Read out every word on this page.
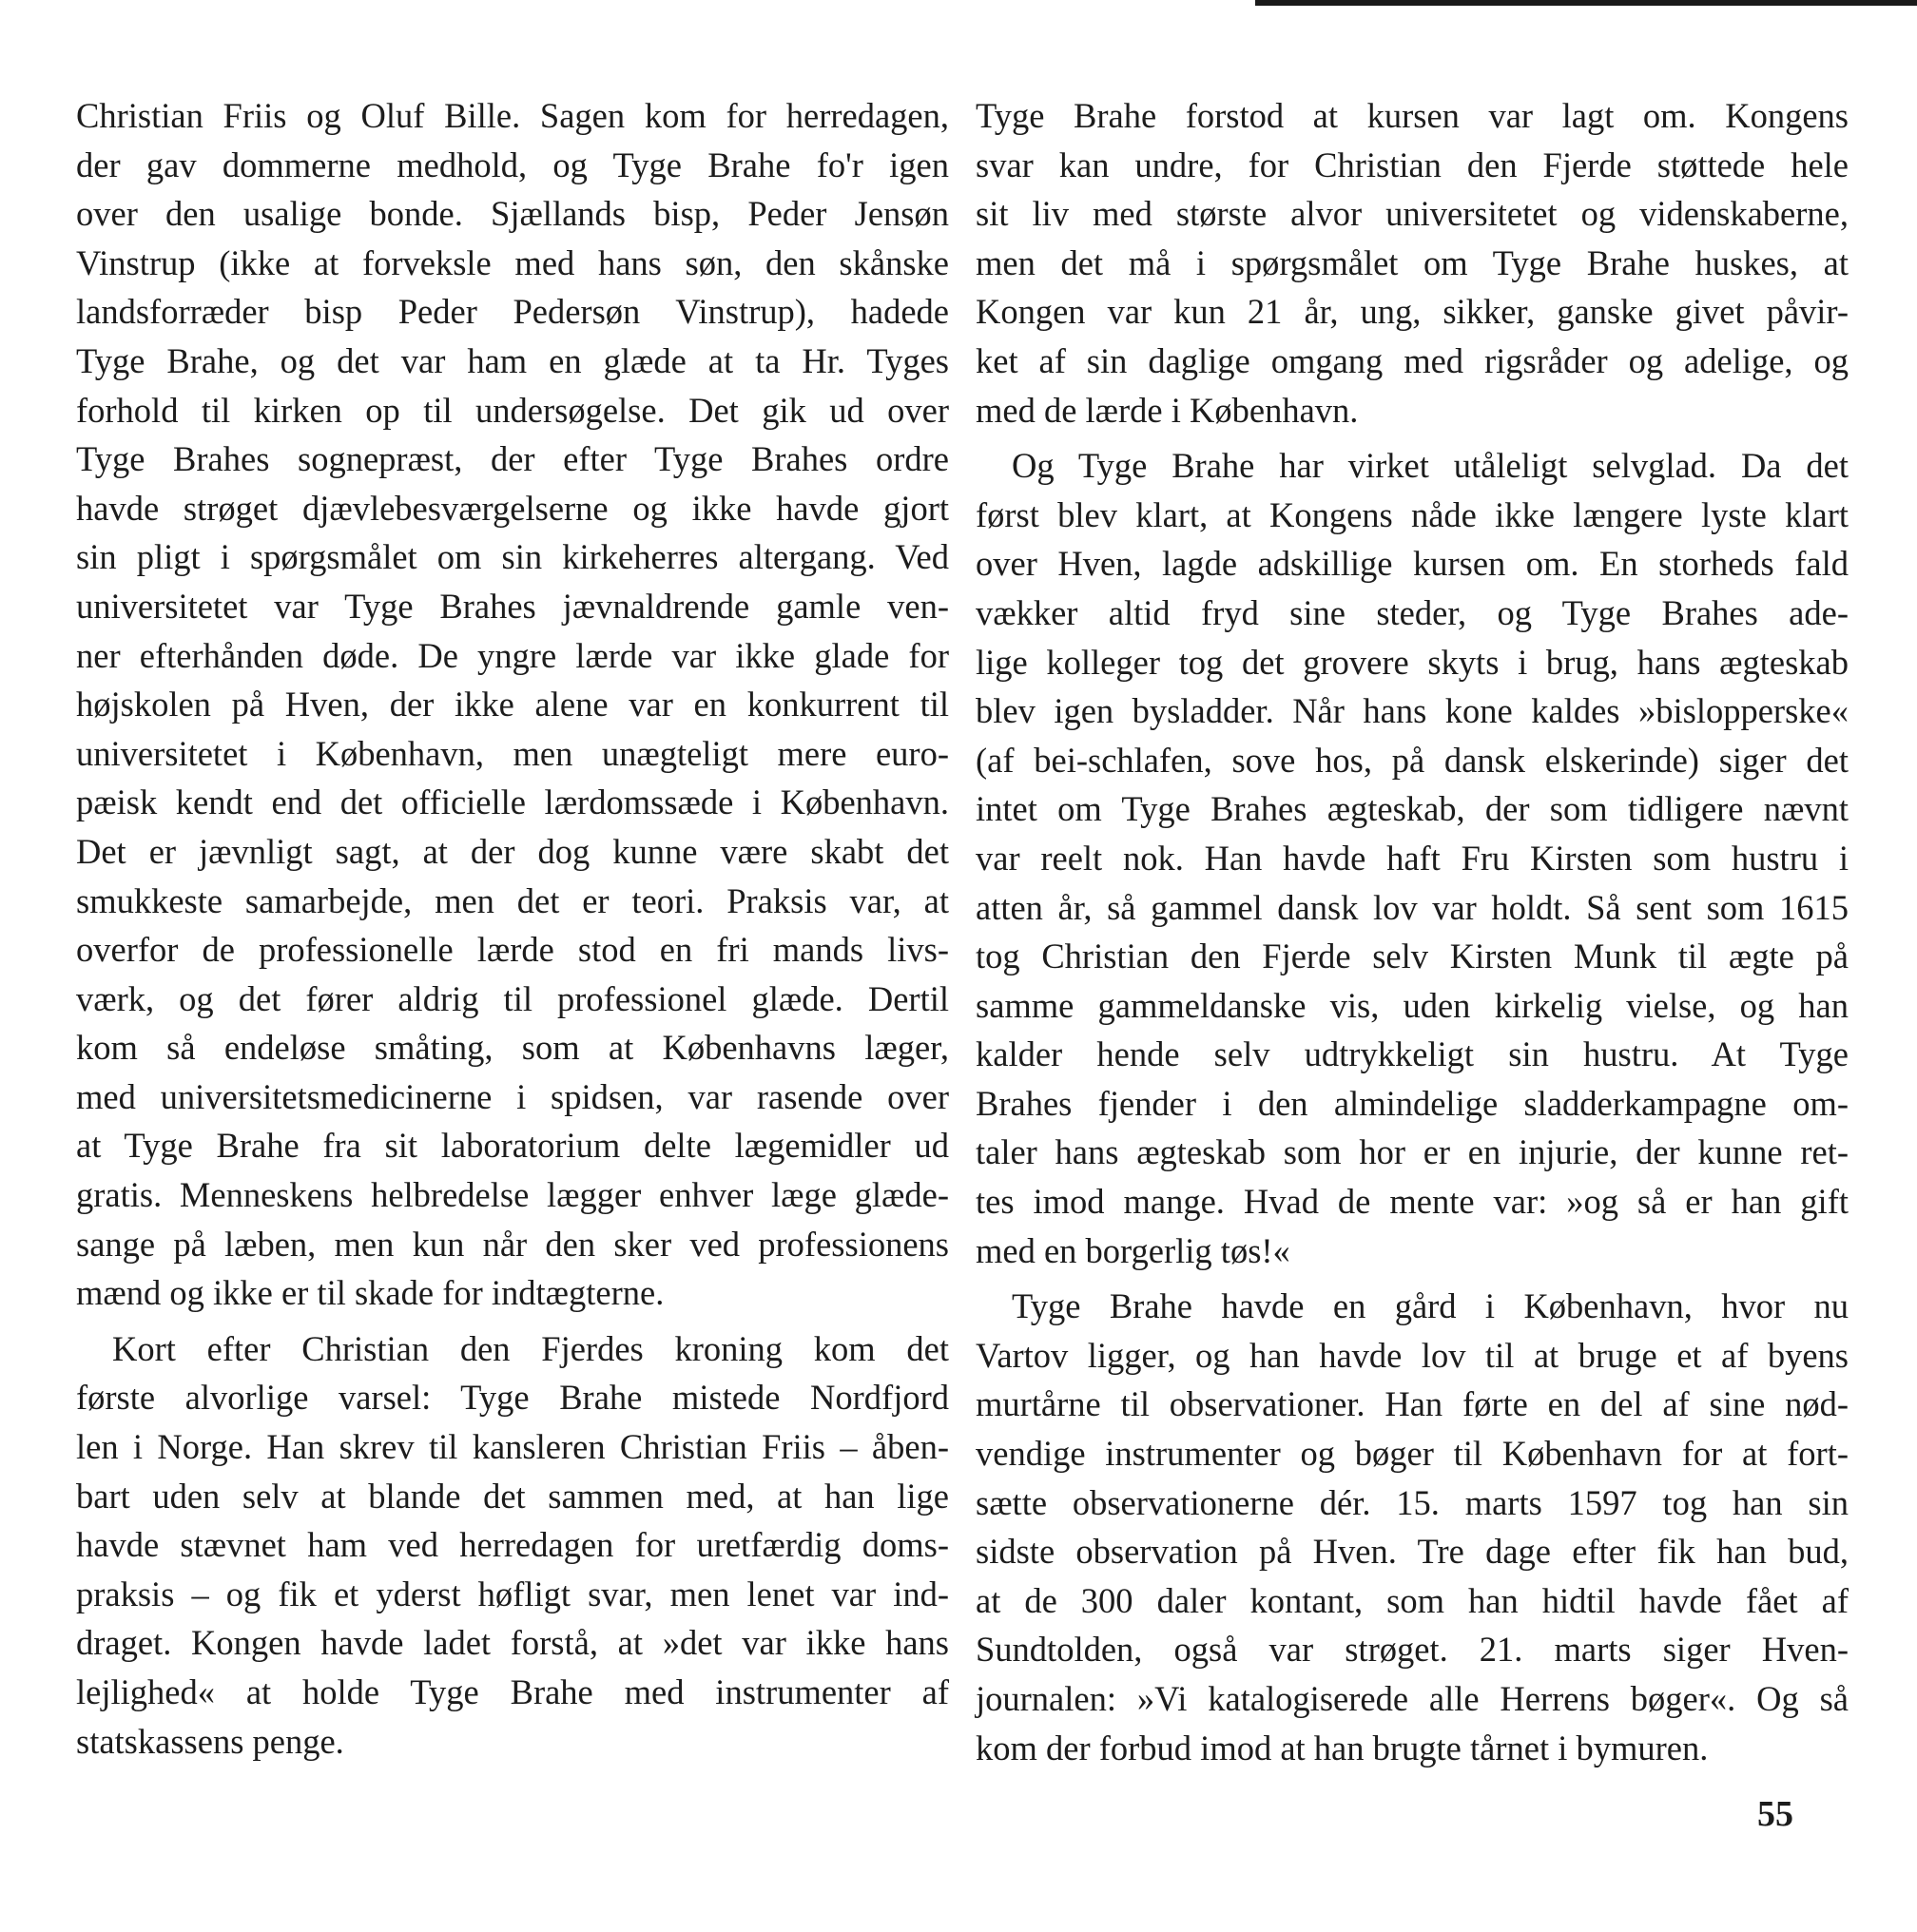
Christian Friis og Oluf Bille. Sagen kom for herredagen,
der gav dommerne medhold, og Tyge Brahe fo'r igen
over den usalige bonde. Sjællands bisp, Peder Jensøn
Vinstrup (ikke at forveksle med hans søn, den skånske
landsforræder bisp Peder Pedersøn Vinstrup), hadede
Tyge Brahe, og det var ham en glæde at ta Hr. Tyges
forhold til kirken op til undersøgelse. Det gik ud over
Tyge Brahes sognepræst, der efter Tyge Brahes ordre
havde strøget djævlebesværgelserne og ikke havde gjort
sin pligt i spørgsmålet om sin kirkeherres altergang. Ved
universitetet var Tyge Brahes jævnaldrende gamle ven-
ner efterhånden døde. De yngre lærde var ikke glade for
højskolen på Hven, der ikke alene var en konkurrent til
universitetet i København, men unægteligt mere euro-
pæisk kendt end det officielle lærdomssæde i København.
Det er jævnligt sagt, at der dog kunne være skabt det
smukkeste samarbejde, men det er teori. Praksis var, at
overfor de professionelle lærde stod en fri mands livs-
værk, og det fører aldrig til professionel glæde. Dertil
kom så endeløse småting, som at Københavns læger,
med universitetsmedicinerne i spidsen, var rasende over
at Tyge Brahe fra sit laboratorium delte lægemidler ud
gratis. Menneskens helbredelse lægger enhver læge glæde-
sange på læben, men kun når den sker ved professionens
mænd og ikke er til skade for indtægterne.
Kort efter Christian den Fjerdes kroning kom det
første alvorlige varsel: Tyge Brahe mistede Nordfjord
len i Norge. Han skrev til kansleren Christian Friis – åben-
bart uden selv at blande det sammen med, at han lige
havde stævnet ham ved herredagen for uretfærdig doms-
praksis – og fik et yderst høfligt svar, men lenet var ind-
draget. Kongen havde ladet forstå, at »det var ikke hans
lejlighed« at holde Tyge Brahe med instrumenter af
statskassens penge.
Tyge Brahe forstod at kursen var lagt om. Kongens
svar kan undre, for Christian den Fjerde støttede hele
sit liv med største alvor universitetet og videnskaberne,
men det må i spørgsmålet om Tyge Brahe huskes, at
Kongen var kun 21 år, ung, sikker, ganske givet påvir-
ket af sin daglige omgang med rigsråder og adelige, og
med de lærde i København.
Og Tyge Brahe har virket utåleligt selvglad. Da det
først blev klart, at Kongens nåde ikke længere lyste klart
over Hven, lagde adskillige kursen om. En storheds fald
vækker altid fryd sine steder, og Tyge Brahes ade-
lige kolleger tog det grovere skyts i brug, hans ægteskab
blev igen bysladder. Når hans kone kaldes »bislopperske«
(af bei-schlafen, sove hos, på dansk elskerinde) siger det
intet om Tyge Brahes ægteskab, der som tidligere nævnt
var reelt nok. Han havde haft Fru Kirsten som hustru i
atten år, så gammel dansk lov var holdt. Så sent som 1615
tog Christian den Fjerde selv Kirsten Munk til ægte på
samme gammeldanske vis, uden kirkelig vielse, og han
kalder hende selv udtrykkeligt sin hustru. At Tyge
Brahes fjender i den almindelige sladderkampagne om-
taler hans ægteskab som hor er en injurie, der kunne ret-
tes imod mange. Hvad de mente var: »og så er han gift
med en borgerlig tøs!«
Tyge Brahe havde en gård i København, hvor nu
Vartov ligger, og han havde lov til at bruge et af byens
murtårne til observationer. Han førte en del af sine nød-
vendige instrumenter og bøger til København for at fort-
sætte observationerne dér. 15. marts 1597 tog han sin
sidste observation på Hven. Tre dage efter fik han bud,
at de 300 daler kontant, som han hidtil havde fået af
Sundtolden, også var strøget. 21. marts siger Hven-
journalen: »Vi katalogiserede alle Herrens bøger«. Og så
kom der forbud imod at han brugte tårnet i bymuren.
55
